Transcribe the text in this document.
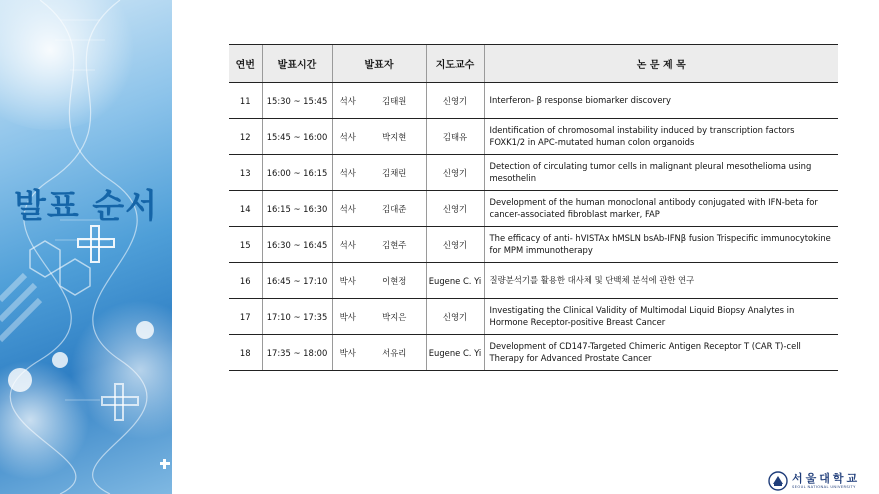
발표 순서
연번	발표시간	발표자		지도교수	논 문 제 목
11	15:30 ~ 15:45	석사	김태원	신영기	Interferon- β response biomarker discovery
12	15:45 ~ 16:00	석사	박지현	김태유	Identification of chromosomal instability induced by transcription factors FOXK1/2 in APC-mutated human colon organoids
13	16:00 ~ 16:15	석사	김채린	신영기	Detection of circulating tumor cells in malignant pleural mesothelioma using mesothelin
14	16:15 ~ 16:30	석사	김대준	신영기	Development of the human monoclonal antibody conjugated with IFN-beta for cancer-associated fibroblast marker, FAP
15	16:30 ~ 16:45	석사	김현주	신영기	The efficacy of anti- hVISTAx hMSLN bsAb-IFNβ fusion Trispecific immunocytokine for MPM immunotherapy
16	16:45 ~ 17:10	박사	이현정	Eugene C. Yi	질량분석기를 활용한 대사체 및 단백체 분석에 관한 연구
17	17:10 ~ 17:35	박사	박지은	신영기	Investigating the Clinical Validity of Multimodal Liquid Biopsy Analytes in Hormone Receptor-positive Breast Cancer
18	17:35 ~ 18:00	박사	서유리	Eugene C. Yi	Development of CD147-Targeted Chimeric Antigen Receptor T (CAR T)-cell Therapy for Advanced Prostate Cancer
서울대학교
SEOUL NATIONAL UNIVERSITY
